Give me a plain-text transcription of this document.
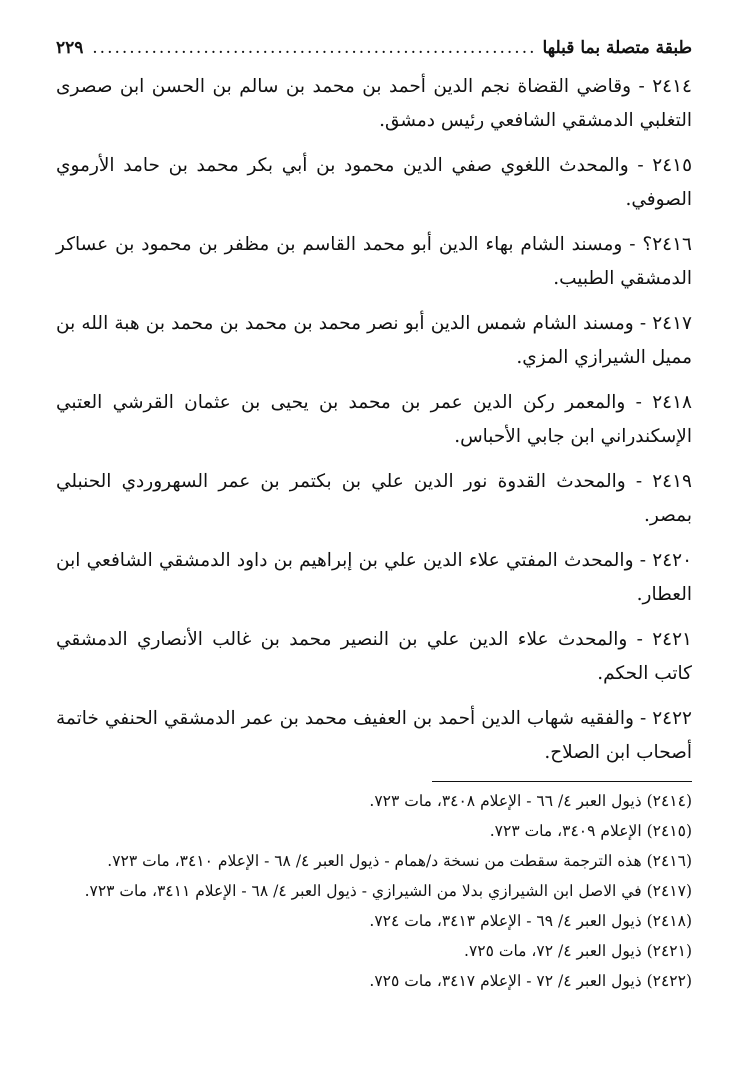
طبقة متصلة بما قبلها
.....
٢٢٩

٢٤١٤ - وقاضي القضاة نجم الدين أحمد بن محمد بن سالم بن الحسن ابن صصرى التغلبي الدمشقي الشافعي رئيس دمشق.

٢٤١٥ - والمحدث اللغوي صفي الدين محمود بن أبي بكر محمد بن حامد الأرموي الصوفي.

٢٤١٦؟ - ومسند الشام بهاء الدين أبو محمد القاسم بن مظفر بن محمود بن عساكر الدمشقي الطبيب.

٢٤١٧ - ومسند الشام شمس الدين أبو نصر محمد بن محمد بن محمد بن هبة الله بن مميل الشيرازي المزي.

٢٤١٨ - والمعمر ركن الدين عمر بن محمد بن يحيى بن عثمان القرشي العتبي الإسكندراني ابن جابي الأحباس.

٢٤١٩ - والمحدث القدوة نور الدين علي بن بكتمر بن عمر السهروردي الحنبلي بمصر.

٢٤٢٠ - والمحدث المفتي علاء الدين علي بن إبراهيم بن داود الدمشقي الشافعي ابن العطار.

٢٤٢١ - والمحدث علاء الدين علي بن النصير محمد بن غالب الأنصاري الدمشقي كاتب الحكم.

٢٤٢٢ - والفقيه شهاب الدين أحمد بن العفيف محمد بن عمر الدمشقي الحنفي خاتمة أصحاب ابن الصلاح.

(٢٤١٤) ذيول العبر ٤/ ٦٦ - الإعلام ٣٤٠٨، مات ٧٢٣.

(٢٤١٥) الإعلام ٣٤٠٩، مات ٧٢٣.

(٢٤١٦) هذه الترجمة سقطت من نسخة د/همام - ذيول العبر ٤/ ٦٨ - الإعلام ٣٤١٠، مات ٧٢٣.

(٢٤١٧) في الاصل ابن الشيرازي بدلا من الشيرازي - ذيول العبر ٤/ ٦٨ - الإعلام ٣٤١١، مات ٧٢٣.

(٢٤١٨) ذيول العبر ٤/ ٦٩ - الإعلام ٣٤١٣، مات ٧٢٤.

(٢٤٢١) ذيول العبر ٤/ ٧٢، مات ٧٢٥.

(٢٤٢٢) ذيول العبر ٤/ ٧٢ - الإعلام ٣٤١٧، مات ٧٢٥.
